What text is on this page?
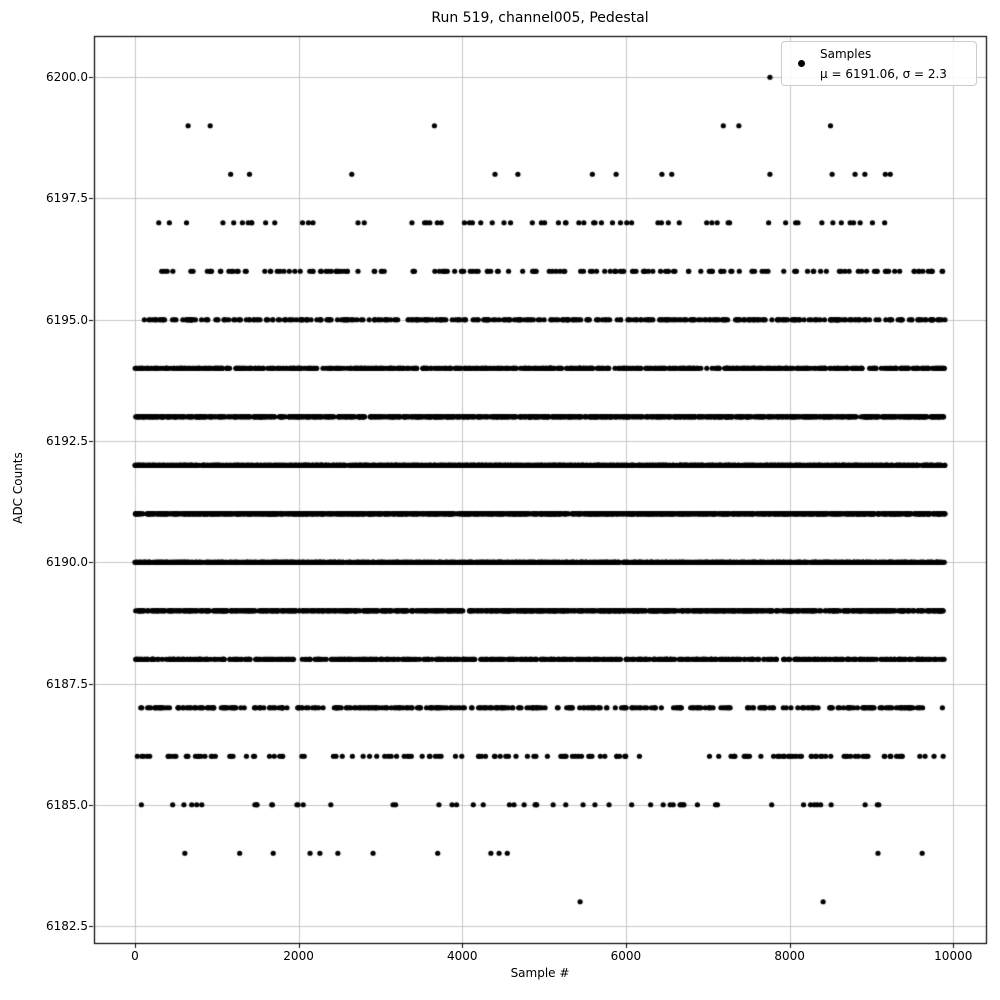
Run 519, channel005, Pedestal
0	2000	4000	6000	8000	10000
6182.5
6185.0
6187.5
6190.0
6192.5
6195.0
6197.5
6200.0
Sample #
ADC Counts
Samples
μ = 6191.06, σ = 2.3
